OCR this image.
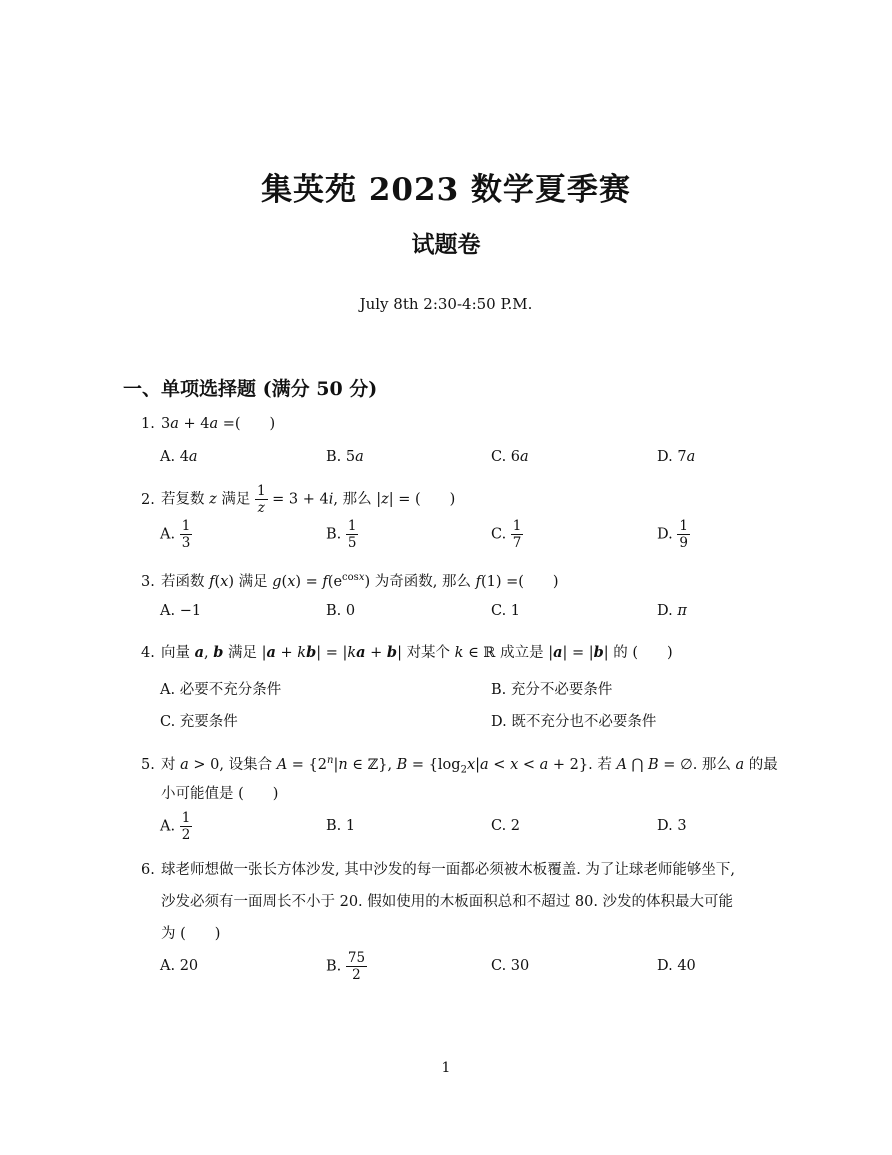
集英苑 2023 数学夏季赛
试题卷
July 8th 2:30-4:50 P.M.
一、单项选择题 (满分 50 分)
1. 3a + 4a =(　　)
A. 4a	B. 5a	C. 6a	D. 7a
2. 若复数 z 满足 $\frac{1}{z} = 3 + 4i$, 那么 |z| = (　　)
A. $\frac{1}{3}$	B. $\frac{1}{5}$	C. $\frac{1}{7}$	D. $\frac{1}{9}$
3. 若函数 f(x) 满足 $g(x) = f(e^{cosx})$ 为奇函数, 那么 f(1) =(　　)
A. −1	B. 0	C. 1	D. π
4. 向量 a, b 满足 |a + kb| = |ka + b| 对某个 k ∈ ℝ 成立是 |a| = |b| 的 (　　)
A. 必要不充分条件	B. 充分不必要条件
C. 充要条件	D. 既不充分也不必要条件
5. 对 a > 0, 设集合 $A = \{2^n|n$ ∈ ℤ}, $B = \{\log_2x|a < x < a + 2\}$. 若 A ⋂ B = ∅. 那么 a 的最
小可能值是 (　　)
A. $\frac{1}{2}$	B. 1	C. 2	D. 3
6. 球老师想做一张长方体沙发, 其中沙发的每一面都必须被木板覆盖. 为了让球老师能够坐下,
沙发必须有一面周长不小于 20. 假如使用的木板面积总和不超过 80. 沙发的体积最大可能
为 (　　)
A. 20	B. $\frac{75}{2}$	C. 30	D. 40
1
